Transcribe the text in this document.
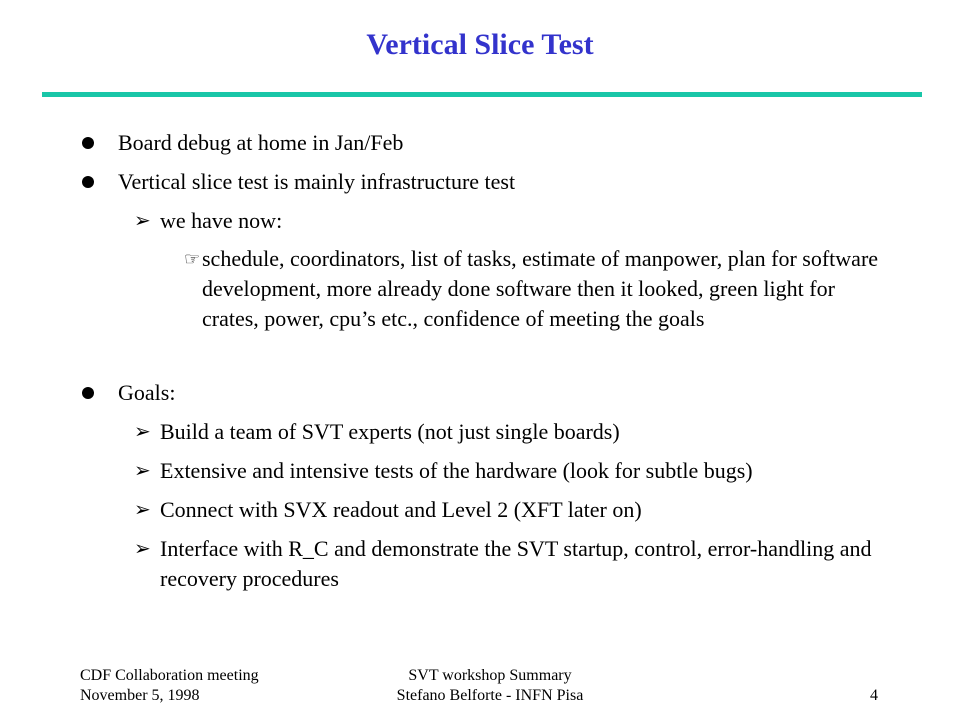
Vertical Slice Test
Board debug at home in Jan/Feb
Vertical slice test is mainly infrastructure test
➢ we have now:
☞ schedule, coordinators, list of tasks, estimate of manpower, plan for software development, more already done software then it looked, green light for crates, power, cpu’s etc., confidence of meeting the goals
Goals:
➢ Build a team of SVT experts (not just single boards)
➢ Extensive and intensive tests of the hardware (look for subtle bugs)
➢ Connect with SVX readout and Level 2 (XFT later on)
➢ Interface with R_C and demonstrate the SVT startup, control, error-handling and recovery procedures
CDF Collaboration meeting
November 5, 1998
SVT workshop Summary
Stefano Belforte - INFN Pisa	4
